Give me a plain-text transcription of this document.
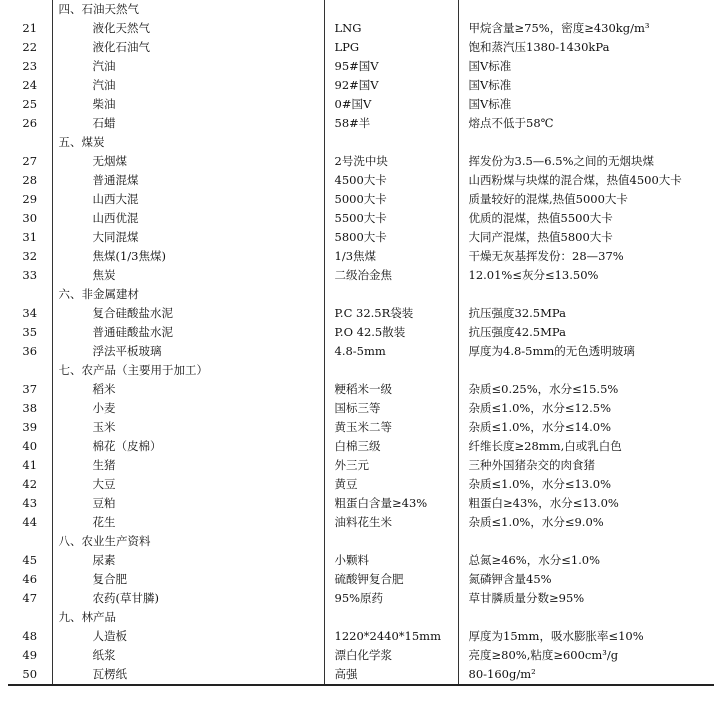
	四、石油天然气		
21	液化天然气	LNG	甲烷含量≥75%，密度≥430kg/m³
22	液化石油气	LPG	饱和蒸汽压1380-1430kPa
23	汽油	95#国Ⅴ	国Ⅴ标准
24	汽油	92#国Ⅴ	国Ⅴ标准
25	柴油	0#国Ⅴ	国Ⅴ标准
26	石蜡	58#半	熔点不低于58℃
	五、煤炭		
27	无烟煤	2号洗中块	挥发份为3.5—6.5%之间的无烟块煤
28	普通混煤	4500大卡	山西粉煤与块煤的混合煤，热值4500大卡
29	山西大混	5000大卡	质量较好的混煤,热值5000大卡
30	山西优混	5500大卡	优质的混煤，热值5500大卡
31	大同混煤	5800大卡	大同产混煤，热值5800大卡
32	焦煤(1/3焦煤)	1/3焦煤	干燥无灰基挥发份：28—37%
33	焦炭	二级冶金焦	12.01%≤灰分≤13.50%
	六、非金属建材		
34	复合硅酸盐水泥	P.C 32.5R袋装	抗压强度32.5MPa
35	普通硅酸盐水泥	P.O 42.5散装	抗压强度42.5MPa
36	浮法平板玻璃	4.8-5mm	厚度为4.8-5mm的无色透明玻璃
	七、农产品（主要用于加工）		
37	稻米	粳稻米一级	杂质≤0.25%，水分≤15.5%
38	小麦	国标三等	杂质≤1.0%，水分≤12.5%
39	玉米	黄玉米二等	杂质≤1.0%，水分≤14.0%
40	棉花（皮棉）	白棉三级	纤维长度≥28mm,白或乳白色
41	生猪	外三元	三种外国猪杂交的肉食猪
42	大豆	黄豆	杂质≤1.0%，水分≤13.0%
43	豆粕	粗蛋白含量≥43%	粗蛋白≥43%，水分≤13.0%
44	花生	油料花生米	杂质≤1.0%，水分≤9.0%
	八、农业生产资料		
45	尿素	小颗料	总氮≥46%，水分≤1.0%
46	复合肥	硫酸钾复合肥	氮磷钾含量45%
47	农药(草甘膦)	95%原药	草甘膦质量分数≥95%
	九、林产品		
48	人造板	1220*2440*15mm	厚度为15mm，吸水膨胀率≤10%
49	纸浆	漂白化学浆	亮度≥80%,粘度≥600cm³/g
50	瓦楞纸	高强	80-160g/m²
